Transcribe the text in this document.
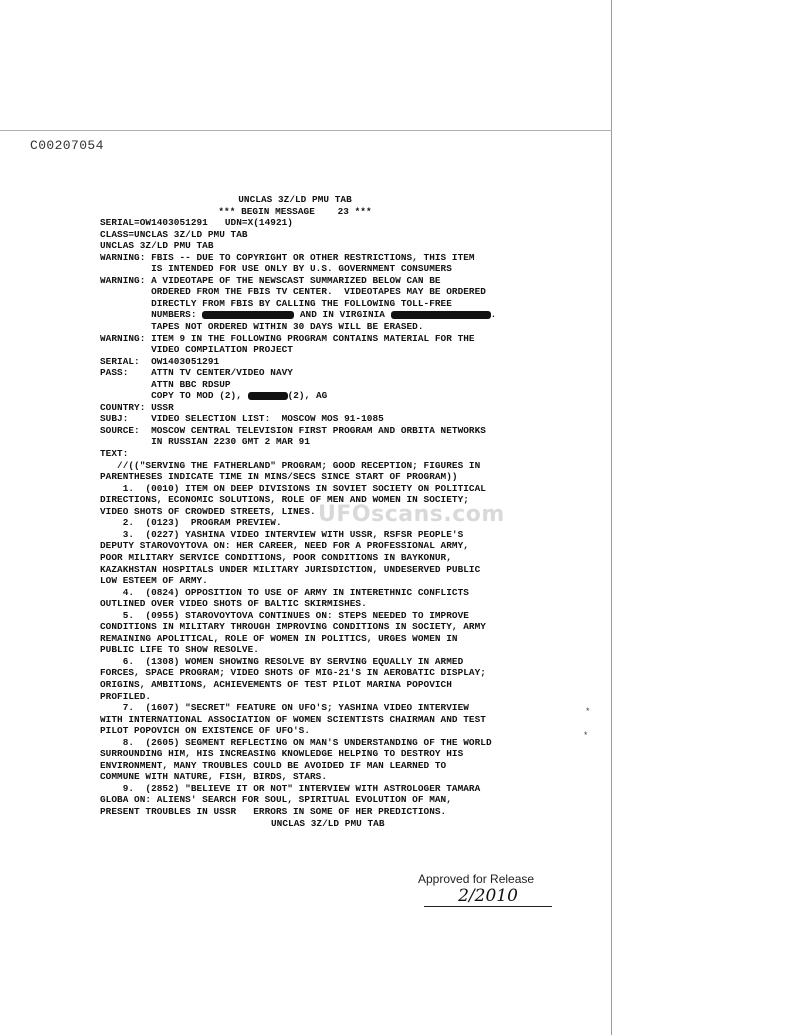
C00207054
UNCLAS 3Z/LD PMU TAB
*** BEGIN MESSAGE    23 ***
SERIAL=OW1403051291   UDN=X(14921)
CLASS=UNCLAS 3Z/LD PMU TAB
UNCLAS 3Z/LD PMU TAB
WARNING: FBIS -- DUE TO COPYRIGHT OR OTHER RESTRICTIONS, THIS ITEM
IS INTENDED FOR USE ONLY BY U.S. GOVERNMENT CONSUMERS
WARNING: A VIDEOTAPE OF THE NEWSCAST SUMMARIZED BELOW CAN BE
ORDERED FROM THE FBIS TV CENTER.  VIDEOTAPES MAY BE ORDERED
DIRECTLY FROM FBIS BY CALLING THE FOLLOWING TOLL-FREE
NUMBERS:	AND IN VIRGINIA	.
TAPES NOT ORDERED WITHIN 30 DAYS WILL BE ERASED.
WARNING: ITEM 9 IN THE FOLLOWING PROGRAM CONTAINS MATERIAL FOR THE
VIDEO COMPILATION PROJECT
SERIAL:  OW1403051291
PASS:    ATTN TV CENTER/VIDEO NAVY
ATTN BBC RDSUP
COPY TO MOD (2),	(2), AG
COUNTRY: USSR
SUBJ:    VIDEO SELECTION LIST:  MOSCOW MOS 91-1085
SOURCE:  MOSCOW CENTRAL TELEVISION FIRST PROGRAM AND ORBITA NETWORKS
IN RUSSIAN 2230 GMT 2 MAR 91
TEXT:
//(("SERVING THE FATHERLAND" PROGRAM; GOOD RECEPTION; FIGURES IN
PARENTHESES INDICATE TIME IN MINS/SECS SINCE START OF PROGRAM))
1.  (0010) ITEM ON DEEP DIVISIONS IN SOVIET SOCIETY ON POLITICAL
DIRECTIONS, ECONOMIC SOLUTIONS, ROLE OF MEN AND WOMEN IN SOCIETY;
VIDEO SHOTS OF CROWDED STREETS, LINES.
2.  (0123)  PROGRAM PREVIEW.
3.  (0227) YASHINA VIDEO INTERVIEW WITH USSR, RSFSR PEOPLE'S
DEPUTY STAROVOYTOVA ON: HER CAREER, NEED FOR A PROFESSIONAL ARMY,
POOR MILITARY SERVICE CONDITIONS, POOR CONDITIONS IN BAYKONUR,
KAZAKHSTAN HOSPITALS UNDER MILITARY JURISDICTION, UNDESERVED PUBLIC
LOW ESTEEM OF ARMY.
4.  (0824) OPPOSITION TO USE OF ARMY IN INTERETHNIC CONFLICTS
OUTLINED OVER VIDEO SHOTS OF BALTIC SKIRMISHES.
5.  (0955) STAROVOYTOVA CONTINUES ON: STEPS NEEDED TO IMPROVE
CONDITIONS IN MILITARY THROUGH IMPROVING CONDITIONS IN SOCIETY, ARMY
REMAINING APOLITICAL, ROLE OF WOMEN IN POLITICS, URGES WOMEN IN
PUBLIC LIFE TO SHOW RESOLVE.
6.  (1308) WOMEN SHOWING RESOLVE BY SERVING EQUALLY IN ARMED
FORCES, SPACE PROGRAM; VIDEO SHOTS OF MIG-21'S IN AEROBATIC DISPLAY;
ORIGINS, AMBITIONS, ACHIEVEMENTS OF TEST PILOT MARINA POPOVICH
PROFILED.
7.  (1607) "SECRET" FEATURE ON UFO'S; YASHINA VIDEO INTERVIEW
WITH INTERNATIONAL ASSOCIATION OF WOMEN SCIENTISTS CHAIRMAN AND TEST
PILOT POPOVICH ON EXISTENCE OF UFO'S.
8.  (2605) SEGMENT REFLECTING ON MAN'S UNDERSTANDING OF THE WORLD
SURROUNDING HIM, HIS INCREASING KNOWLEDGE HELPING TO DESTROY HIS
ENVIRONMENT, MANY TROUBLES COULD BE AVOIDED IF MAN LEARNED TO
COMMUNE WITH NATURE, FISH, BIRDS, STARS.
9.  (2852) "BELIEVE IT OR NOT" INTERVIEW WITH ASTROLOGER TAMARA
GLOBA ON: ALIENS' SEARCH FOR SOUL, SPIRITUAL EVOLUTION OF MAN,
PRESENT TROUBLES IN USSR   ERRORS IN SOME OF HER PREDICTIONS.
UNCLAS 3Z/LD PMU TAB
UFOscans.com
*
*
Approved for Release
2/2010
